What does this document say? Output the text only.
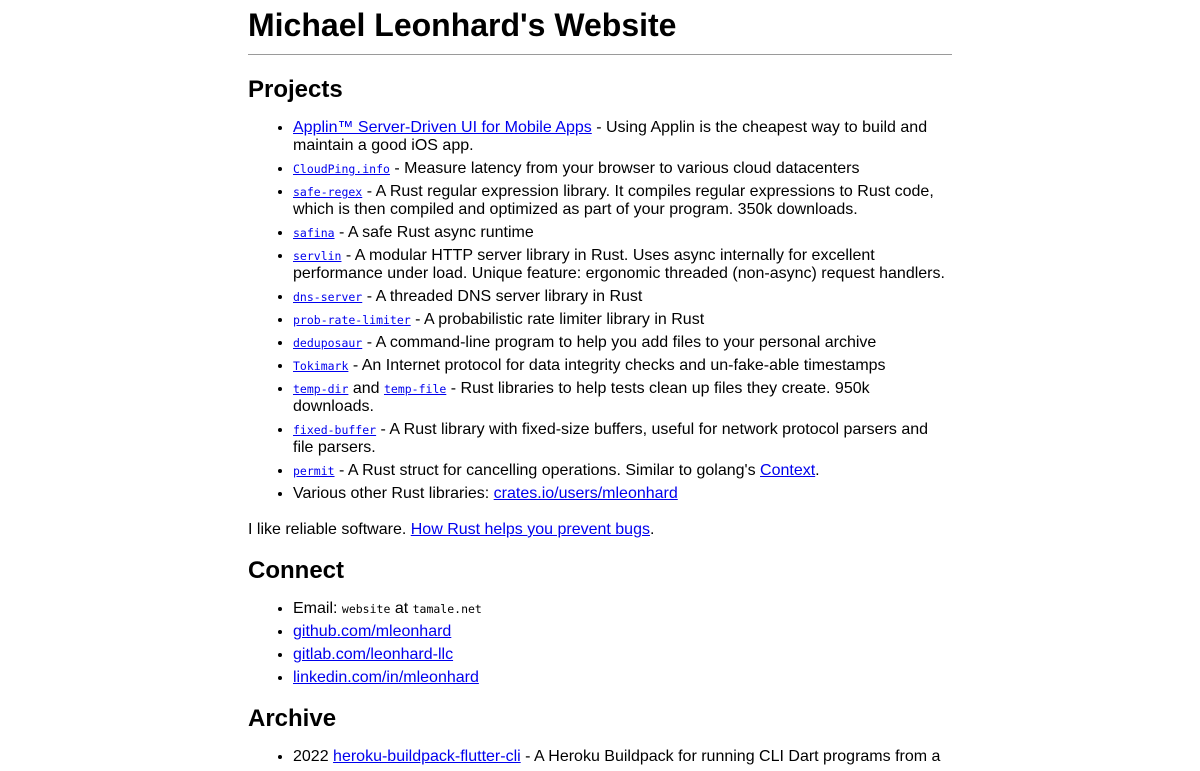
Michael Leonhard's Website
Projects
• Applin™ Server-Driven UI for Mobile Apps - Using Applin is the cheapest way to build and maintain a good iOS app.
• CloudPing.info - Measure latency from your browser to various cloud datacenters
• safe-regex - A Rust regular expression library. It compiles regular expressions to Rust code, which is then compiled and optimized as part of your program. 350k downloads.
• safina - A safe Rust async runtime
• servlin - A modular HTTP server library in Rust. Uses async internally for excellent performance under load. Unique feature: ergonomic threaded (non-async) request handlers.
• dns-server - A threaded DNS server library in Rust
• prob-rate-limiter - A probabilistic rate limiter library in Rust
• deduposaur - A command-line program to help you add files to your personal archive
• Tokimark - An Internet protocol for data integrity checks and un-fake-able timestamps
• temp-dir and temp-file - Rust libraries to help tests clean up files they create. 950k downloads.
• fixed-buffer - A Rust library with fixed-size buffers, useful for network protocol parsers and file parsers.
• permit - A Rust struct for cancelling operations. Similar to golang's Context.
• Various other Rust libraries: crates.io/users/mleonhard

I like reliable software. How Rust helps you prevent bugs.

Connect
• Email: website at tamale.net
• github.com/mleonhard
• gitlab.com/leonhard-llc
• linkedin.com/in/mleonhard
Archive
• 2022 heroku-buildpack-flutter-cli - A Heroku Buildpack for running CLI Dart programs from a
